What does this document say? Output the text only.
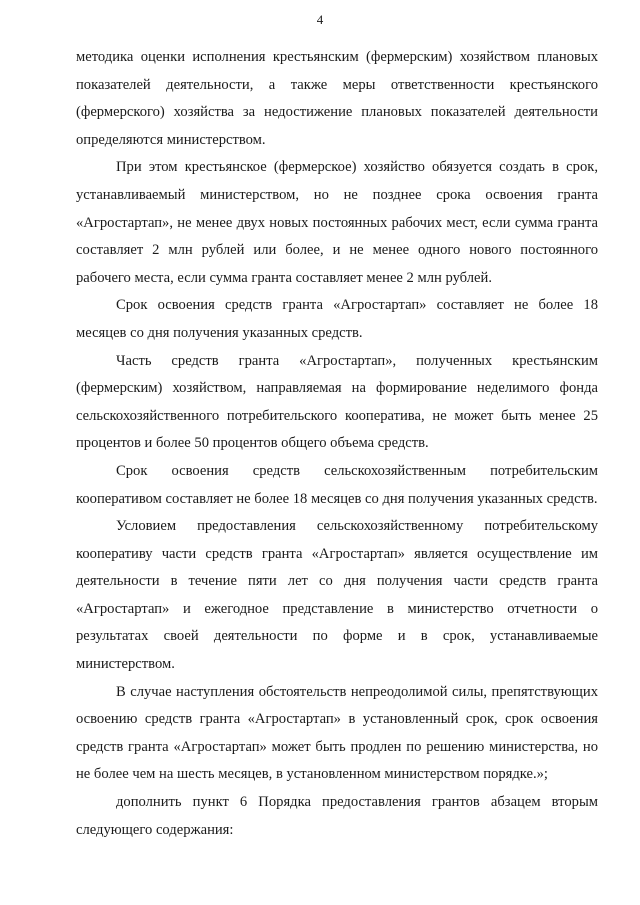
4

методика оценки исполнения крестьянским (фермерским) хозяйством плановых показателей деятельности, а также меры ответственности крестьянского (фермерского) хозяйства за недостижение плановых показателей деятельности определяются министерством.

При этом крестьянское (фермерское) хозяйство обязуется создать в срок, устанавливаемый министерством, но не позднее срока освоения гранта «Агростартап», не менее двух новых постоянных рабочих мест, если сумма гранта составляет 2 млн рублей или более, и не менее одного нового постоянного рабочего места, если сумма гранта составляет менее 2 млн рублей.

Срок освоения средств гранта «Агростартап» составляет не более 18 месяцев со дня получения указанных средств.

Часть средств гранта «Агростартап», полученных крестьянским (фермерским) хозяйством, направляемая на формирование неделимого фонда сельскохозяйственного потребительского кооператива, не может быть менее 25 процентов и более 50 процентов общего объема средств.

Срок освоения средств сельскохозяйственным потребительским кооперативом составляет не более 18 месяцев со дня получения указанных средств.

Условием предоставления сельскохозяйственному потребительскому кооперативу части средств гранта «Агростартап» является осуществление им деятельности в течение пяти лет со дня получения части средств гранта «Агростартап» и ежегодное представление в министерство отчетности о результатах своей деятельности по форме и в срок, устанавливаемые министерством.

В случае наступления обстоятельств непреодолимой силы, препятствующих освоению средств гранта «Агростартап» в установленный срок, срок освоения средств гранта «Агростартап» может быть продлен по решению министерства, но не более чем на шесть месяцев, в установленном министерством порядке.»;

дополнить пункт 6 Порядка предоставления грантов абзацем вторым следующего содержания:
